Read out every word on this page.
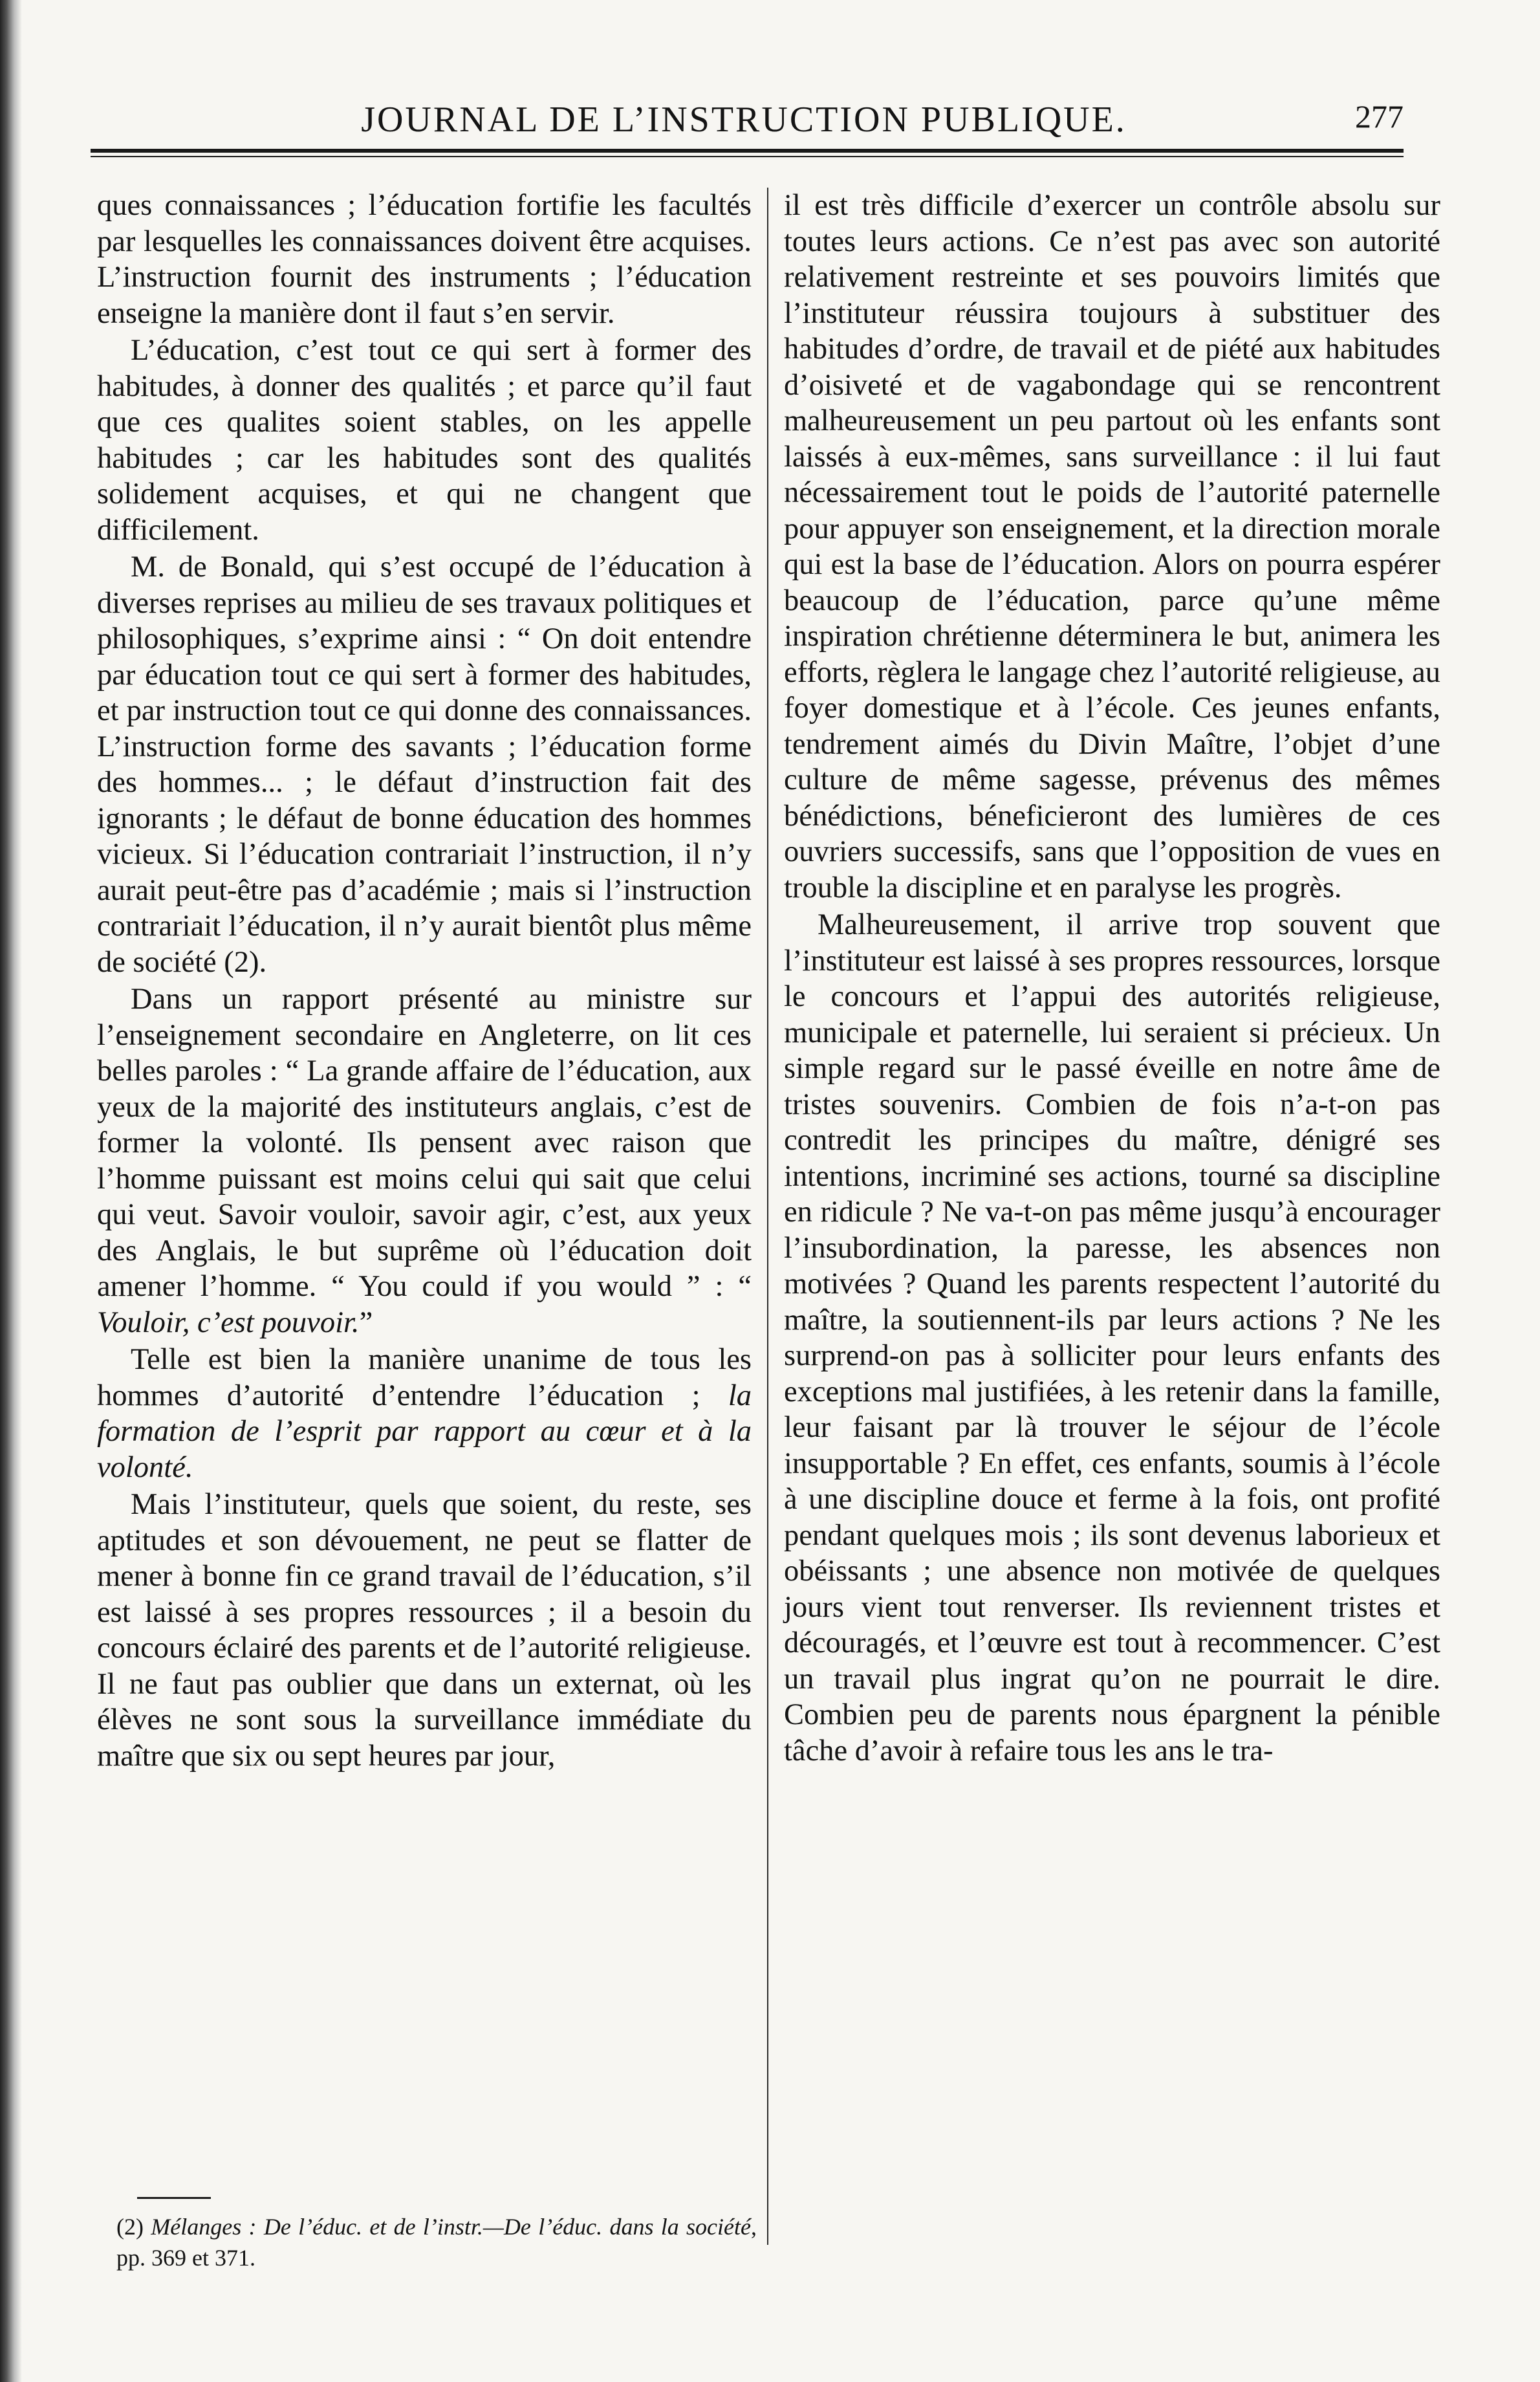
JOURNAL DE L’INSTRUCTION PUBLIQUE.	277

ques connaissances ; l’éducation fortifie les facultés par lesquelles les connaissances doivent être acquises. L’instruction fournit des instruments ; l’éducation enseigne la manière dont il faut s’en servir.

L’éducation, c’est tout ce qui sert à former des habitudes, à donner des qualités ; et parce qu’il faut que ces qualites soient stables, on les appelle habitudes ; car les habitudes sont des qualités solidement acquises, et qui ne changent que difficilement.

M. de Bonald, qui s’est occupé de l’éducation à diverses reprises au milieu de ses travaux politiques et philosophiques, s’exprime ainsi : “ On doit entendre par éducation tout ce qui sert à former des habitudes, et par instruction tout ce qui donne des connaissances. L’instruction forme des savants ; l’éducation forme des hommes... ; le défaut d’instruction fait des ignorants ; le défaut de bonne éducation des hommes vicieux. Si l’éducation contrariait l’instruction, il n’y aurait peut-être pas d’académie ; mais si l’instruction contrariait l’éducation, il n’y aurait bientôt plus même de société (2).

Dans un rapport présenté au ministre sur l’enseignement secondaire en Angleterre, on lit ces belles paroles : “ La grande affaire de l’éducation, aux yeux de la majorité des instituteurs anglais, c’est de former la volonté. Ils pensent avec raison que l’homme puissant est moins celui qui sait que celui qui veut. Savoir vouloir, savoir agir, c’est, aux yeux des Anglais, le but suprême où l’éducation doit amener l’homme. “ You could if you would ” : “ Vouloir, c’est pouvoir.”

Telle est bien la manière unanime de tous les hommes d’autorité d’entendre l’éducation ; la formation de l’esprit par rapport au cœur et à la volonté.

Mais l’instituteur, quels que soient, du reste, ses aptitudes et son dévouement, ne peut se flatter de mener à bonne fin ce grand travail de l’éducation, s’il est laissé à ses propres ressources ; il a besoin du concours éclairé des parents et de l’autorité religieuse. Il ne faut pas oublier que dans un externat, où les élèves ne sont sous la surveillance immédiate du maître que six ou sept heures par jour,

il est très difficile d’exercer un contrôle absolu sur toutes leurs actions. Ce n’est pas avec son autorité relativement restreinte et ses pouvoirs limités que l’instituteur réussira toujours à substituer des habitudes d’ordre, de travail et de piété aux habitudes d’oisiveté et de vagabondage qui se rencontrent malheureusement un peu partout où les enfants sont laissés à eux-mêmes, sans surveillance : il lui faut nécessairement tout le poids de l’autorité paternelle pour appuyer son enseignement, et la direction morale qui est la base de l’éducation. Alors on pourra espérer beaucoup de l’éducation, parce qu’une même inspiration chrétienne déterminera le but, animera les efforts, règlera le langage chez l’autorité religieuse, au foyer domestique et à l’école. Ces jeunes enfants, tendrement aimés du Divin Maître, l’objet d’une culture de même sagesse, prévenus des mêmes bénédictions, béneficieront des lumières de ces ouvriers successifs, sans que l’opposition de vues en trouble la discipline et en paralyse les progrès.

Malheureusement, il arrive trop souvent que l’instituteur est laissé à ses propres ressources, lorsque le concours et l’appui des autorités religieuse, municipale et paternelle, lui seraient si précieux. Un simple regard sur le passé éveille en notre âme de tristes souvenirs. Combien de fois n’a-t-on pas contredit les principes du maître, dénigré ses intentions, incriminé ses actions, tourné sa discipline en ridicule ? Ne va-t-on pas même jusqu’à encourager l’insubordination, la paresse, les absences non motivées ? Quand les parents respectent l’autorité du maître, la soutiennent-ils par leurs actions ? Ne les surprend-on pas à solliciter pour leurs enfants des exceptions mal justifiées, à les retenir dans la famille, leur faisant par là trouver le séjour de l’école insupportable ? En effet, ces enfants, soumis à l’école à une discipline douce et ferme à la fois, ont profité pendant quelques mois ; ils sont devenus laborieux et obéissants ; une absence non motivée de quelques jours vient tout renverser. Ils reviennent tristes et découragés, et l’œuvre est tout à recommencer. C’est un travail plus ingrat qu’on ne pourrait le dire. Combien peu de parents nous épargnent la pénible tâche d’avoir à refaire tous les ans le tra-

(2) Mélanges : De l’éduc. et de l’instr.—De l’éduc. dans la société, pp. 369 et 371.
